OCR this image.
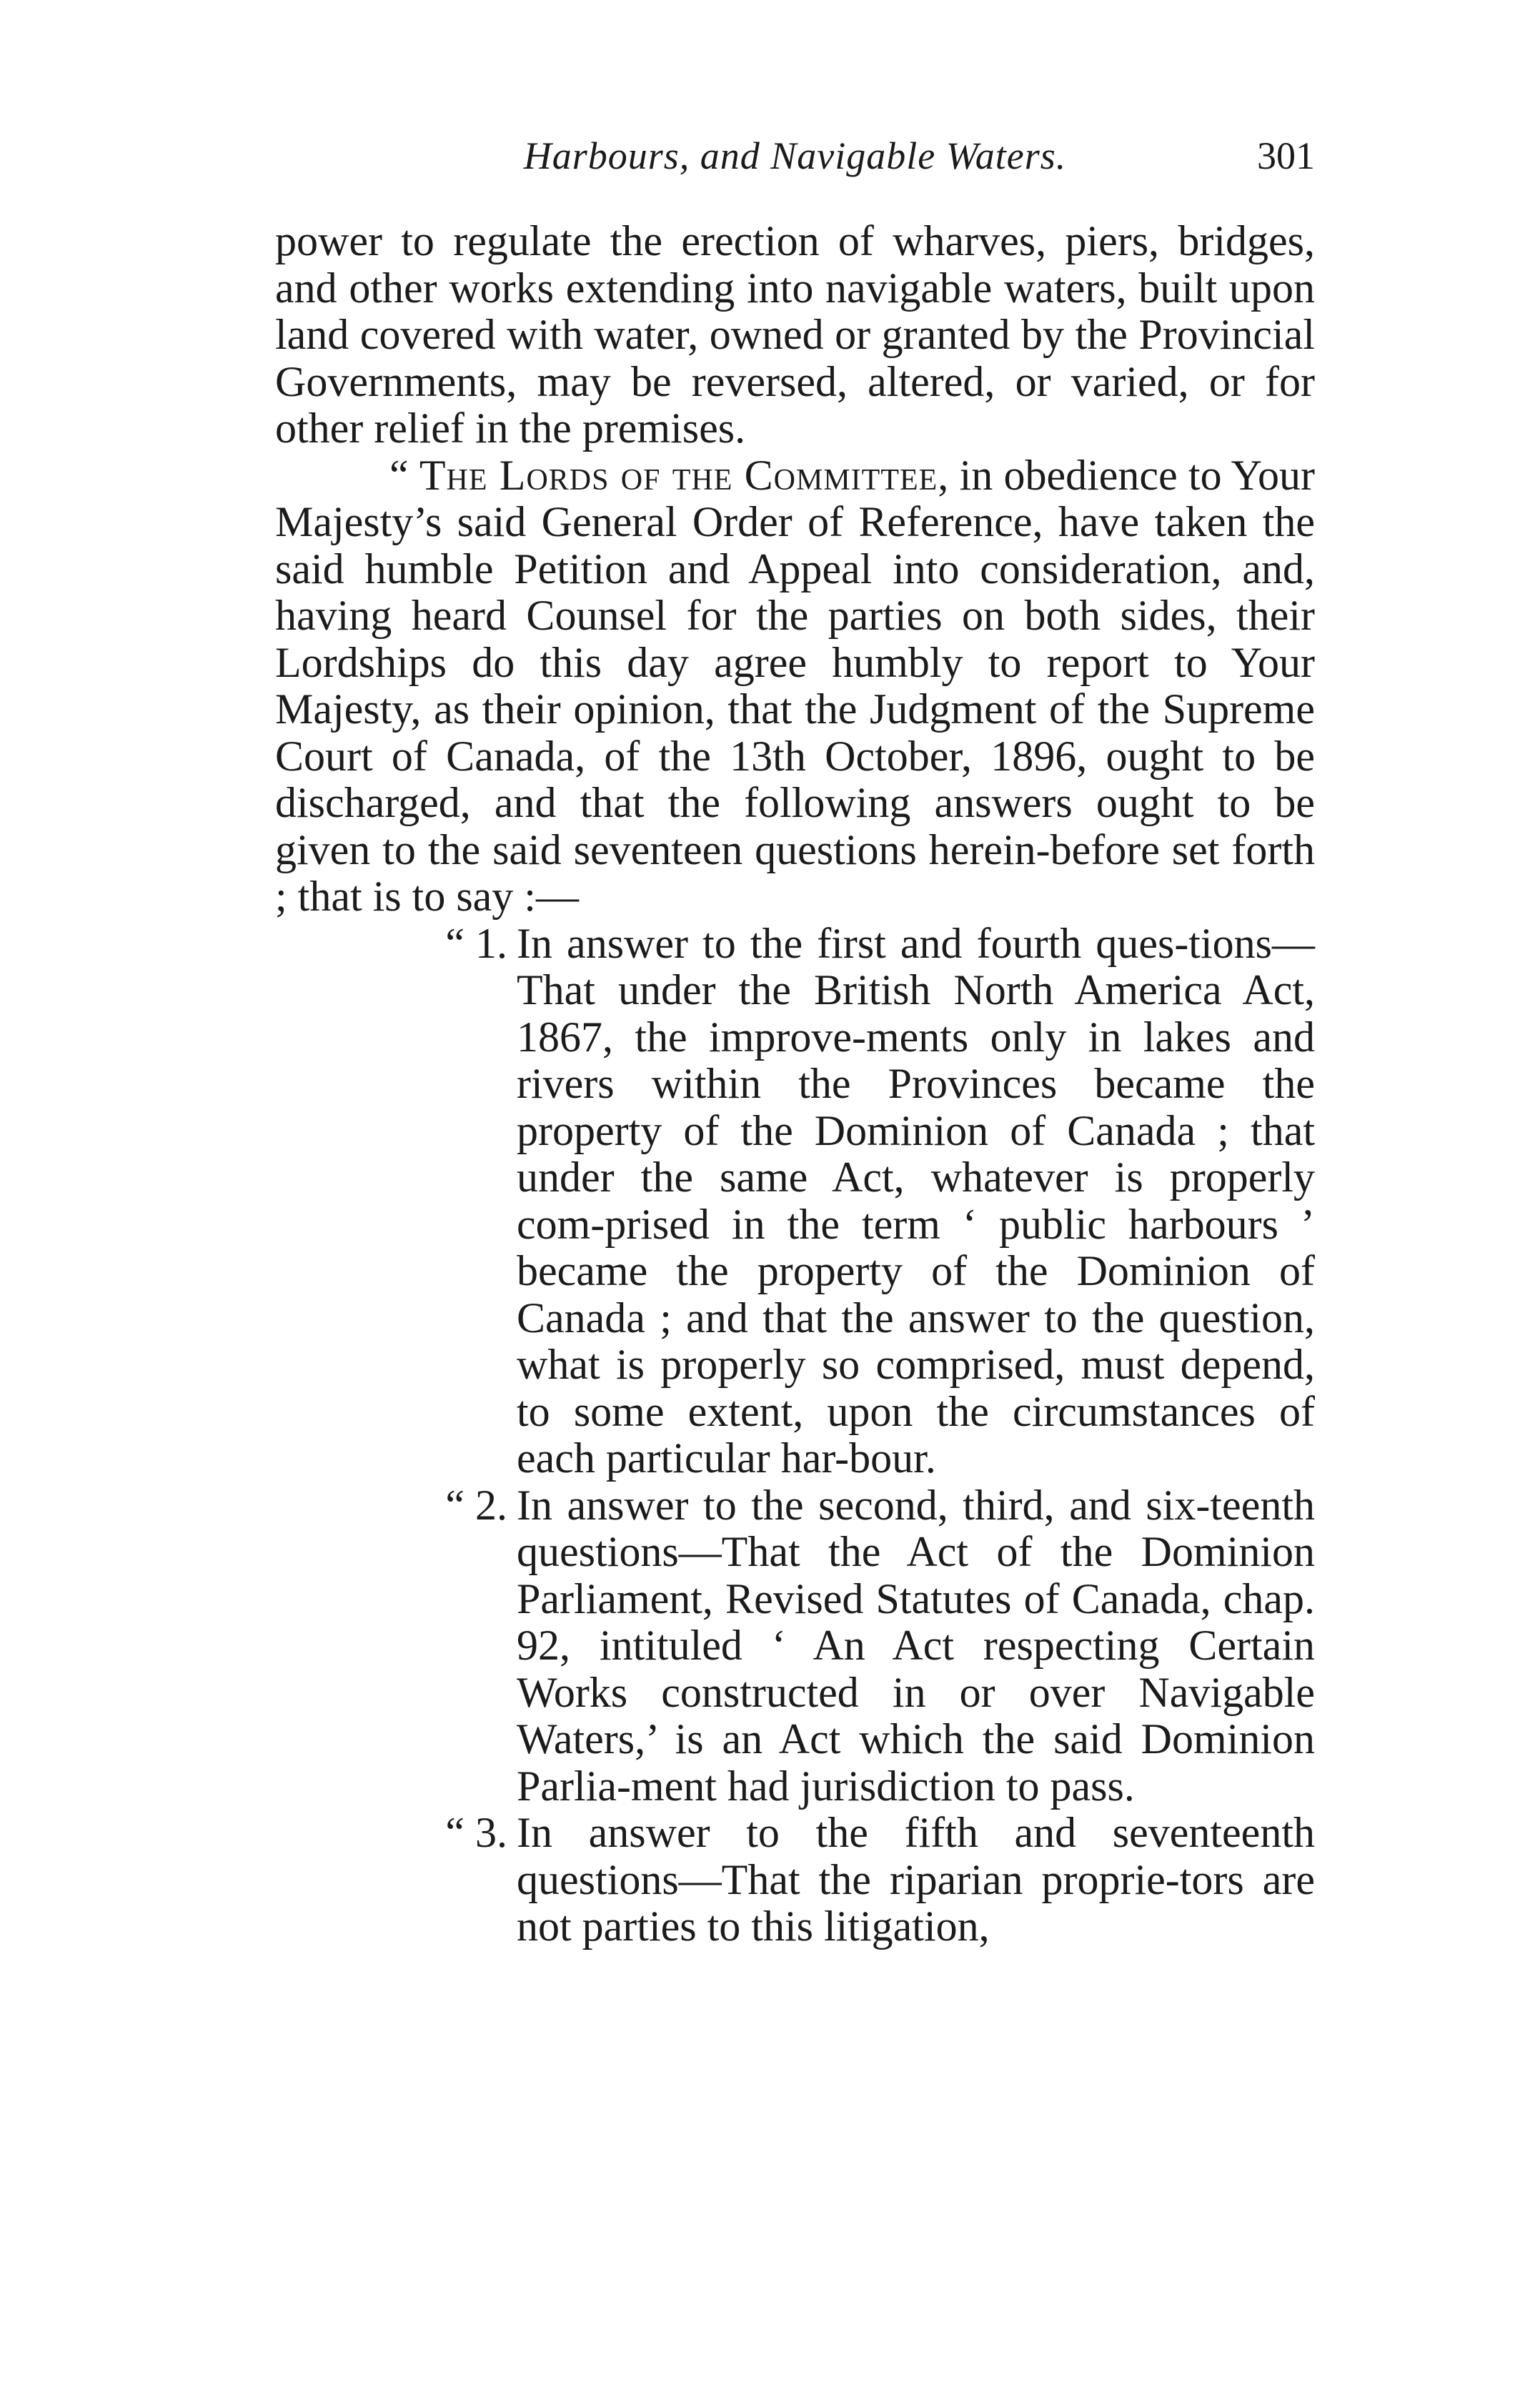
Harbours, and Navigable Waters.	301

power to regulate the erection of wharves, piers, bridges, and other works extending into navigable waters, built upon land covered with water, owned or granted by the Provincial Governments, may be reversed, altered, or varied, or for other relief in the premises.

“ The Lords of the Committee, in obedience to Your Majesty’s said General Order of Reference, have taken the said humble Petition and Appeal into consideration, and, having heard Counsel for the parties on both sides, their Lordships do this day agree humbly to report to Your Majesty, as their opinion, that the Judgment of the Supreme Court of Canada, of the 13th October, 1896, ought to be discharged, and that the following answers ought to be given to the said seventeen questions herein-before set forth ; that is to say :—

“ 1. In answer to the first and fourth ques-tions—That under the British North America Act, 1867, the improve-ments only in lakes and rivers within the Provinces became the property of the Dominion of Canada ; that under the same Act, whatever is properly com-prised in the term ‘ public harbours ’ became the property of the Dominion of Canada ; and that the answer to the question, what is properly so comprised, must depend, to some extent, upon the circumstances of each particular har-bour.

“ 2. In answer to the second, third, and six-teenth questions—That the Act of the Dominion Parliament, Revised Statutes of Canada, chap. 92, intituled ‘ An Act respecting Certain Works constructed in or over Navigable Waters,’ is an Act which the said Dominion Parlia-ment had jurisdiction to pass.

“ 3. In answer to the fifth and seventeenth questions—That the riparian proprie-tors are not parties to this litigation,
